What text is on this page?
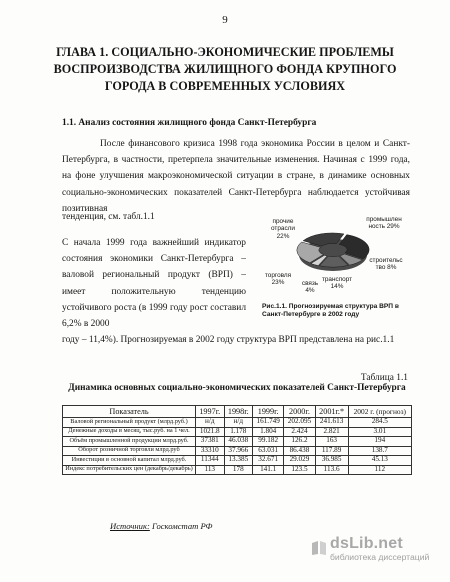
9
ГЛАВА 1. СОЦИАЛЬНО-ЭКОНОМИЧЕСКИЕ ПРОБЛЕМЫ ВОСПРОИЗВОДСТВА ЖИЛИЩНОГО ФОНДА КРУПНОГО ГОРОДА В СОВРЕМЕННЫХ УСЛОВИЯХ
1.1. Анализ состояния жилищного фонда Санкт-Петербурга

После финансового кризиса 1998 года экономика России в целом и Санкт-Петербурга, в частности, претерпела значительные изменения. Начиная с 1999 года, на фоне улучшения макроэкономической ситуации в стране, в динамике основных социально-экономических показателей Санкт-Петербурга наблюдается устойчивая позитивная

тенденция, см. табл.1.1

С начала 1999 года важнейший индикатор состояния экономики Санкт-Петербурга – валовой региональный продукт (ВРП) – имеет положительную тенденцию устойчивого роста (в 1999 году рост составил 6,2% в 2000

году – 11,4%). Прогнозируемая в 2002 году структура ВРП представлена на рис.1.1

прочие отрасли 22%
промышлен ность 29%
строительс тво 8%
транспорт 14%
связь 4%
торговля 23%
Рис.1.1. Прогнозируемая структура ВРП в Санкт-Петербурге в 2002 году
Таблица 1.1
Динамика основных социально-экономических показателей Санкт-Петербурга
Показатель	1997г.	1998г.	1999г.	2000г.	2001г.*	2002 г. (прогноз)
Валовой региональный продукт (млрд.руб.)	н/д	н/д	161.749	202.095	241.613	284.5
Денежные доходы в месяц, тыс.руб. на 1 чел.	1021.8	1.178	1.804	2.424	2.821	3.01
Объём промышленной продукции млрд.руб.	37381	46.038	99.182	126.2	163	194
Оборот розничной торговли млрд.руб	33310	37.966	63.031	86.438	117.89	138.7
Инвестиции в основной капитал млрд.руб.	11344	13.385	32.671	29.029	36.985	45.13
Индекс потребительских цен (декабрь/декабрь)	113	178	141.1	123.5	113.6	112
Источник: Госкомстат РФ
dsLib.net
библиотека диссертаций
